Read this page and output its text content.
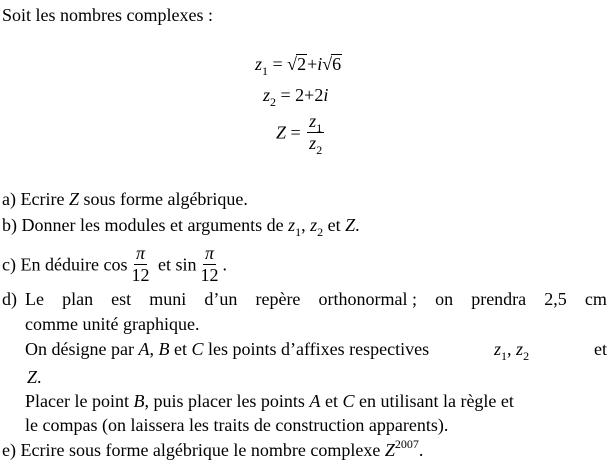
Soit les nombres complexes :
$z_1 = √2+i√6$
$z_2 = 2+2i$
$Z = \frac{z_1}{z_2}$
a) Ecrire Z sous forme algébrique.
b) Donner les modules et arguments de $z_1$, $z_2$ et Z.
c) En déduire $\cos \frac{\pi}{12}$ et $\sin \frac{\pi}{12}$ .
d) Le plan est muni d’un repère orthonormal ; on prendra 2,5 cm
comme unité graphique.
On désigne par A, B et C les points d’affixes respectives	$z_1$, $z_2$	et
Z.
Placer le point B, puis placer les points A et C en utilisant la règle et
le compas (on laissera les traits de construction apparents).
e) Ecrire sous forme algébrique le nombre complexe $Z^{2007}$.
